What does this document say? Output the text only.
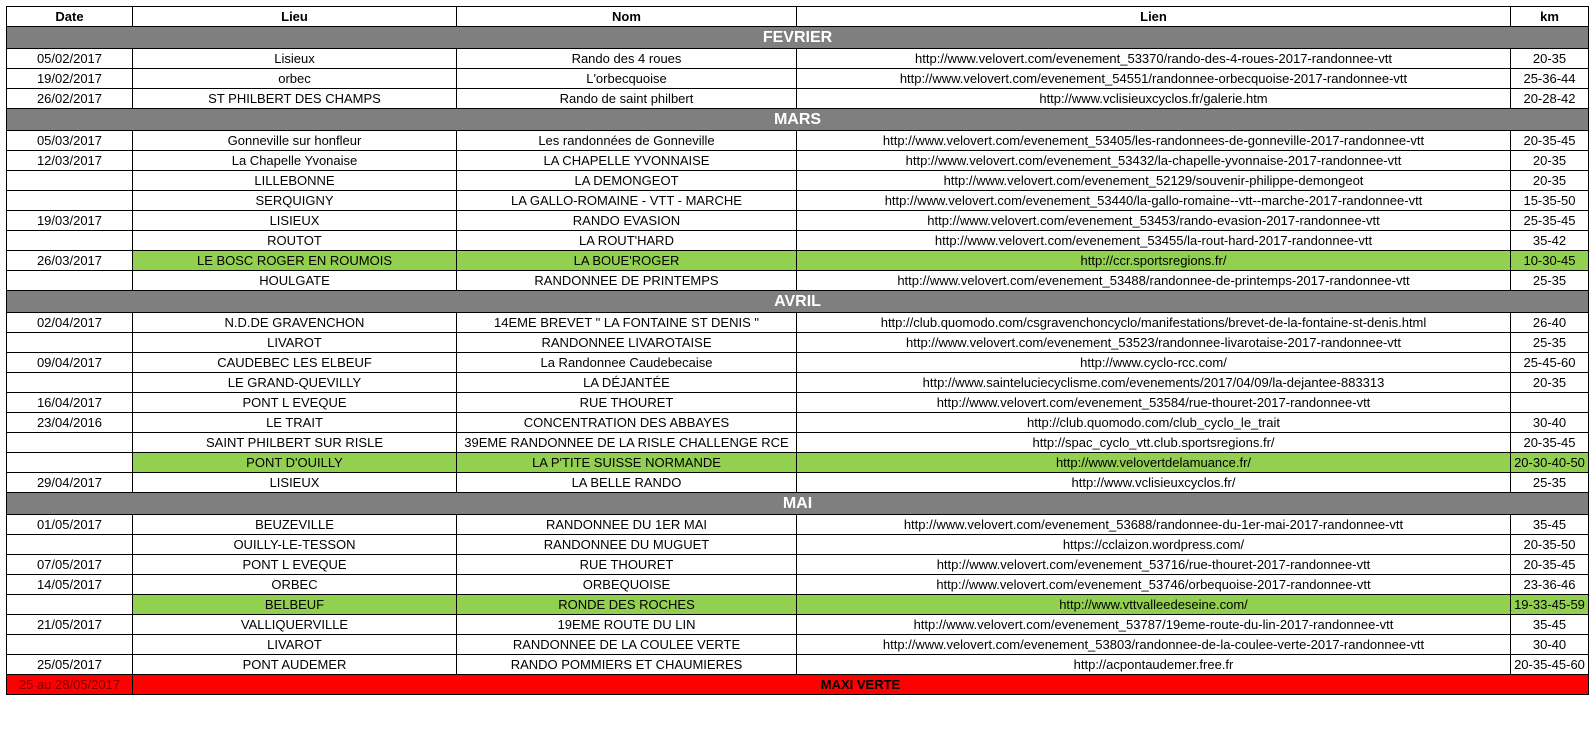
Date	Lieu	Nom	Lien	km
FEVRIER				
05/02/2017	Lisieux	Rando des 4 roues	http://www.velovert.com/evenement_53370/rando-des-4-roues-2017-randonnee-vtt	20-35
19/02/2017	orbec	L'orbecquoise	http://www.velovert.com/evenement_54551/randonnee-orbecquoise-2017-randonnee-vtt	25-36-44
26/02/2017	ST PHILBERT DES CHAMPS	Rando de saint philbert	http://www.vclisieuxcyclos.fr/galerie.htm	20-28-42
MARS				
05/03/2017	Gonneville sur honfleur	Les randonnées de Gonneville	http://www.velovert.com/evenement_53405/les-randonnees-de-gonneville-2017-randonnee-vtt	20-35-45
12/03/2017	La Chapelle Yvonaise	LA CHAPELLE YVONNAISE	http://www.velovert.com/evenement_53432/la-chapelle-yvonnaise-2017-randonnee-vtt	20-35
	LILLEBONNE	LA DEMONGEOT	http://www.velovert.com/evenement_52129/souvenir-philippe-demongeot	20-35
	SERQUIGNY	LA GALLO-ROMAINE - VTT - MARCHE	http://www.velovert.com/evenement_53440/la-gallo-romaine--vtt--marche-2017-randonnee-vtt	15-35-50
19/03/2017	LISIEUX	RANDO EVASION	http://www.velovert.com/evenement_53453/rando-evasion-2017-randonnee-vtt	25-35-45
	ROUTOT	LA ROUT'HARD	http://www.velovert.com/evenement_53455/la-rout-hard-2017-randonnee-vtt	35-42
26/03/2017	LE BOSC ROGER EN ROUMOIS	LA BOUE'ROGER	http://ccr.sportsregions.fr/	10-30-45
	HOULGATE	RANDONNEE DE PRINTEMPS	http://www.velovert.com/evenement_53488/randonnee-de-printemps-2017-randonnee-vtt	25-35
AVRIL				
02/04/2017	N.D.DE GRAVENCHON	14EME BREVET " LA FONTAINE ST DENIS "	http://club.quomodo.com/csgravenchoncyclo/manifestations/brevet-de-la-fontaine-st-denis.html	26-40
	LIVAROT	RANDONNEE LIVAROTAISE	http://www.velovert.com/evenement_53523/randonnee-livarotaise-2017-randonnee-vtt	25-35
09/04/2017	CAUDEBEC LES ELBEUF	La Randonnee Caudebecaise	http://www.cyclo-rcc.com/	25-45-60
	LE GRAND-QUEVILLY	LA DÉJANTÉE	http://www.sainteluciecyclisme.com/evenements/2017/04/09/la-dejantee-883313	20-35
16/04/2017	PONT L EVEQUE	RUE THOURET	http://www.velovert.com/evenement_53584/rue-thouret-2017-randonnee-vtt	
23/04/2016	LE TRAIT	CONCENTRATION DES ABBAYES	http://club.quomodo.com/club_cyclo_le_trait	30-40
	SAINT PHILBERT SUR RISLE	39EME RANDONNEE DE LA RISLE CHALLENGE RCE	http://spac_cyclo_vtt.club.sportsregions.fr/	20-35-45
	PONT D'OUILLY	LA P'TITE SUISSE NORMANDE	http://www.velovertdelamuance.fr/	20-30-40-50
29/04/2017	LISIEUX	LA BELLE RANDO	http://www.vclisieuxcyclos.fr/	25-35
MAI				
01/05/2017	BEUZEVILLE	RANDONNEE DU 1ER MAI	http://www.velovert.com/evenement_53688/randonnee-du-1er-mai-2017-randonnee-vtt	35-45
	OUILLY-LE-TESSON	RANDONNEE DU MUGUET	https://cclaizon.wordpress.com/	20-35-50
07/05/2017	PONT L EVEQUE	RUE THOURET	http://www.velovert.com/evenement_53716/rue-thouret-2017-randonnee-vtt	20-35-45
14/05/2017	ORBEC	ORBEQUOISE	http://www.velovert.com/evenement_53746/orbequoise-2017-randonnee-vtt	23-36-46
	BELBEUF	RONDE DES ROCHES	http://www.vttvalleedeseine.com/	19-33-45-59
21/05/2017	VALLIQUERVILLE	19EME ROUTE DU LIN	http://www.velovert.com/evenement_53787/19eme-route-du-lin-2017-randonnee-vtt	35-45
	LIVAROT	RANDONNEE DE LA COULEE VERTE	http://www.velovert.com/evenement_53803/randonnee-de-la-coulee-verte-2017-randonnee-vtt	30-40
25/05/2017	PONT AUDEMER	RANDO POMMIERS ET CHAUMIERES	http://acpontaudemer.free.fr	20-35-45-60
25 au 28/05/2017	MAXI VERTE			
